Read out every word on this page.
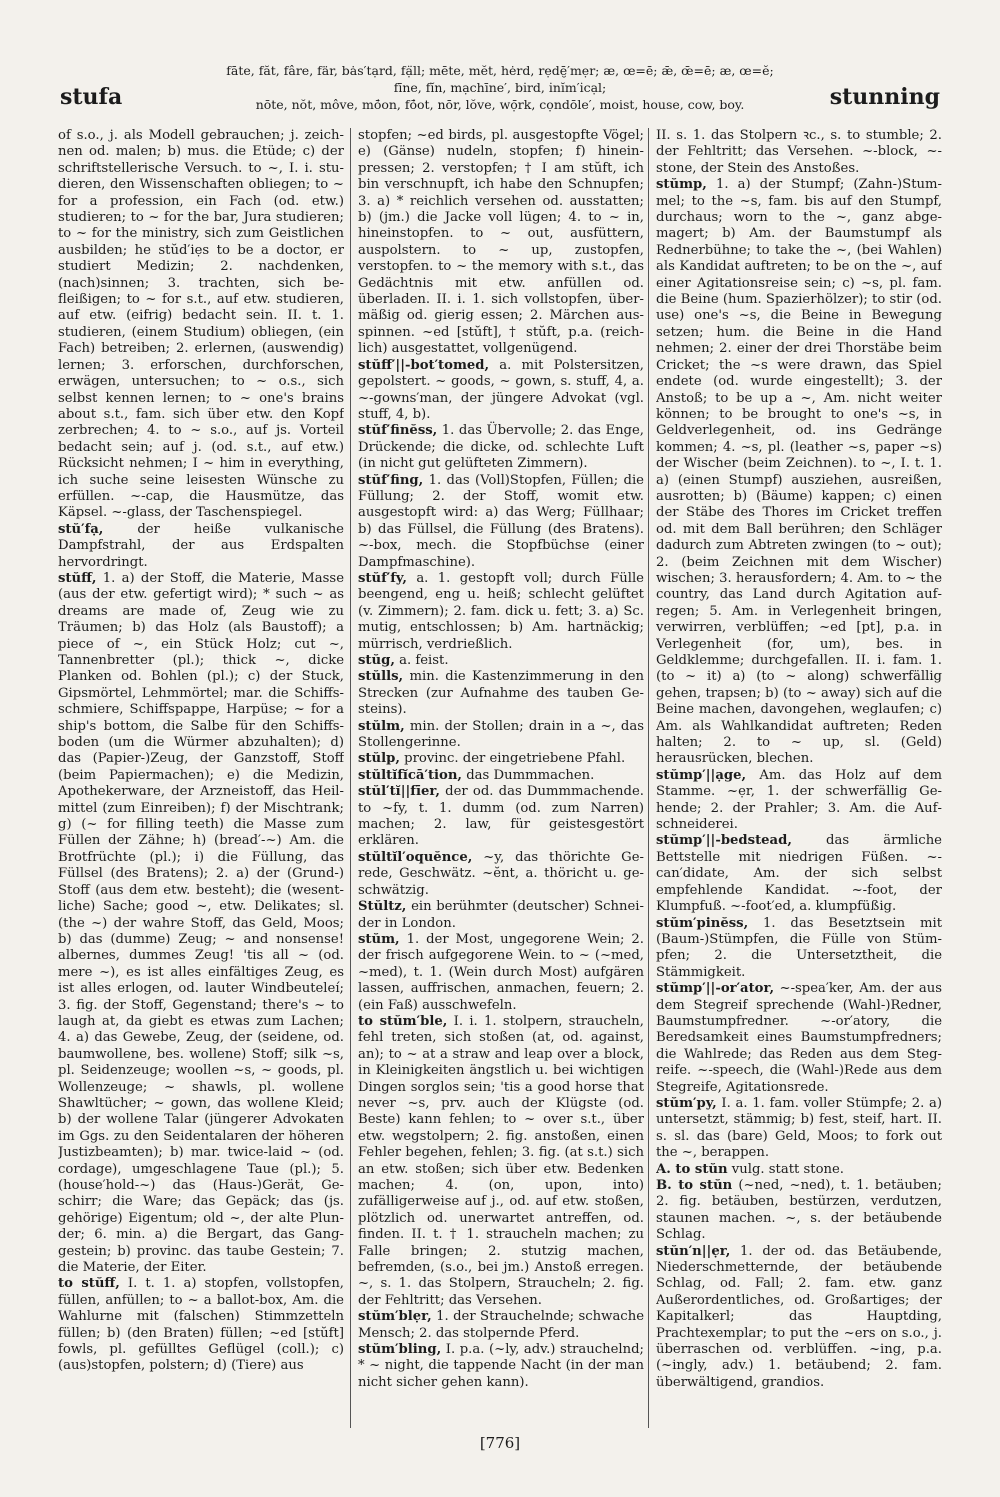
stufa
fāte, făt, fâre, fär, bȧs′tạrd, fạ̈ll; mēte, mĕt, hėrd, rẹdē̮′mẹr; æ, œ=ē; ǣ, œ̄=ē; æ, œ=ĕ;
fīne, fĭn, mạchīne′, bi̇rd, i̇nĭm′i̇cạl;
nōte, nŏt, môve, mō̍on, fō̍ot, nōr, lŏve, wọ̄rk, cọndōle′, moist, house, cow, boy.	stunning
of s.o., j. als Modell gebrauchen; j. zeichnen od. malen; b) mus. die Etüde; c) der schriftstellerische Versuch. to ~, I. i. studieren, den Wissenschaften obliegen; to ~ for a profession, ein Fach (od. etw.) studieren; to ~ for the bar, Jura studieren; to ~ for the ministry, sich zum Geistlichen ausbilden; he stŭd′iẹs to be a doctor, er studiert Medizin; 2. nachdenken, (nach)sinnen; 3. trachten, sich befleißigen; to ~ for s.t., auf etw. studieren, auf etw. (eifrig) bedacht sein. II. t. 1. studieren, (einem Studium) obliegen, (ein Fach) betreiben; 2. erlernen, (auswendig) lernen; 3. erforschen, durchforschen, erwägen, untersuchen; to ~ o.s., sich selbst kennen lernen; to ~ one's brains about s.t., fam. sich über etw. den Kopf zerbrechen; 4. to ~ s.o., auf js. Vorteil bedacht sein; auf j. (od. s.t., auf etw.) Rücksicht nehmen; I ~ him in everything, ich suche seine leisesten Wünsche zu erfüllen. ~-cap, die Hausmütze, das Käpsel. ~-glass, der Taschenspiegel.
stŭ′fạ,	der heiße vulkanische Dampfstrahl, der aus Erdspalten hervordringt.
stŭff, 1. a) der Stoff, die Materie, Masse (aus der etw. gefertigt wird); * such ~ as dreams are made of, Zeug wie zu Träumen; b) das Holz (als Baustoff); a piece of ~, ein Stück Holz; cut ~, Tannenbretter (pl.); thick ~, dicke Planken od. Bohlen (pl.); c) der Stuck, Gipsmörtel, Lehmmörtel; mar. die Schiffsschmiere, Schiffspappe, Harpüse; ~ for a ship's bottom, die Salbe für den Schiffsboden (um die Würmer abzuhalten); d) das (Papier-)Zeug, der Ganzstoff, Stoff (beim Papiermachen); e) die Medizin, Apothekerware, der Arzneistoff, das Heilmittel (zum Einreiben); f) der Mischtrank; g) (~ for filling teeth) die Masse zum Füllen der Zähne; h) (bread′-~) Am. die Brotfrüchte (pl.); i) die Füllung, das Füllsel (des Bratens); 2. a) der (Grund-) Stoff (aus dem etw. besteht); die (wesentliche) Sache; good ~, etw. Delikates; sl. (the ~) der wahre Stoff, das Geld, Moos; b) das (dumme) Zeug; ~ and nonsense! albernes, dummes Zeug! 'tis all ~ (od. mere ~), es ist alles einfältiges Zeug, es ist alles erlogen, od. lauter Windbeuteleí; 3. fig. der Stoff, Gegenstand; there's ~ to laugh at, da giebt es etwas zum Lachen; 4. a) das Gewebe, Zeug, der (seidene, od. baumwollene, bes. wollene) Stoff; silk ~s, pl. Seidenzeuge; woollen ~s, ~ goods, pl. Wollenzeuge; ~ shawls, pl. wollene Shawltücher; ~ gown, das wollene Kleid; b) der wollene Talar (jüngerer Advokaten im Ggs. zu den Seidentalaren der höheren Justizbeamten); b) mar. twice-laid ~ (od. cordage), umgeschlagene Taue (pl.); 5. (house′hold-~) das (Haus-)Gerät, Geschirr; die Ware; das Gepäck; das (js. gehörige) Eigentum; old ~, der alte Plunder; 6. min. a) die Bergart, das Ganggestein; b) provinc. das taube Gestein; 7. die Materie, der Eiter.
to stŭff, I. t. 1. a) stopfen, vollstopfen, füllen, anfüllen; to ~ a ballot-box, Am. die Wahlurne mit (falschen) Stimmzetteln füllen; b) (den Braten) füllen; ~ed [stŭft] fowls, pl. gefülltes Geflügel (coll.); c) (aus)stopfen, polstern; d) (Tiere) aus
stopfen; ~ed birds, pl. ausgestopfte Vögel; e) (Gänse) nudeln, stopfen; f) hineinpressen; 2. verstopfen; † I am stŭft, ich bin verschnupft, ich habe den Schnupfen; 3. a) * reichlich versehen od. ausstatten; b) (jm.) die Jacke voll lügen; 4. to ~ in, hineinstopfen. to ~ out, ausfüttern, auspolstern. to ~ up, zustopfen, verstopfen. to ~ the memory with s.t., das Gedächtnis mit etw. anfüllen od. überladen. II. i. 1. sich vollstopfen, übermäßig od. gierig essen; 2. Märchen ausspinnen. ~ed [stŭft], † stŭft, p.a. (reichlich) ausgestattet, vollgenügend.
stŭff′||-bot′tomed, a. mit Polstersitzen, gepolstert. ~ goods, ~ gown, s. stuff, 4, a. ~-gowns′man, der jüngere Advokat (vgl. stuff, 4, b).
stŭf′finĕss, 1. das Übervolle; 2. das Enge, Drückende; die dicke, od. schlechte Luft (in nicht gut gelüfteten Zimmern).
stŭf′fing, 1. das (Voll)Stopfen, Füllen; die Füllung; 2. der Stoff, womit etw. ausgestopft wird: a) das Werg; Füllhaar; b) das Füllsel, die Füllung (des Bratens). ~-box, mech. die Stopfbüchse (einer Dampfmaschine).
stŭf′fy, a. 1. gestopft voll; durch Fülle beengend, eng u. heiß; schlecht gelüftet (v. Zimmern); 2. fam. dick u. fett; 3. a) Sc. mutig, entschlossen; b) Am. hartnäckig; mürrisch, verdrießlich.
stŭg, a. feist.
stŭlls, min. die Kastenzimmerung in den Strecken (zur Aufnahme des tauben Gesteins).
stŭlm, min. der Stollen; drain in a ~, das Stollengerinne.
stŭlp, provinc. der eingetriebene Pfahl.
stŭltĭfĭcā′tion, das Dummmachen.
stŭl′tĭ||fīer, der od. das Dummmachende. to ~fy, t. 1. dumm (od. zum Narren) machen; 2. law, für geistesgestört erklären.
stŭltĭl′oquĕnce, ~y, das thörichte Gerede, Geschwätz. ~ĕnt, a. thöricht u. geschwätzig.
Stŭltz, ein berühmter (deutscher) Schneider in London.
stŭm, 1. der Most, ungegorene Wein; 2. der frisch aufgegorene Wein. to ~ (~med, ~med), t. 1. (Wein durch Most) aufgären lassen, auffrischen, anmachen, feuern; 2. (ein Faß) ausschwefeln.
to stŭm′ble, I. i. 1. stolpern, straucheln, fehl treten, sich stoßen (at, od. against, an); to ~ at a straw and leap over a block, in Kleinigkeiten ängstlich u. bei wichtigen Dingen sorglos sein; 'tis a good horse that never ~s, prv. auch der Klügste (od. Beste) kann fehlen; to ~ over s.t., über etw. wegstolpern; 2. fig. anstoßen, einen Fehler begehen, fehlen; 3. fig. (at s.t.) sich an etw. stoßen; sich über etw. Bedenken machen; 4. (on, upon, into) zufälligerweise auf j., od. auf etw. stoßen, plötzlich od. unerwartet antreffen, od. finden. II. t. † 1. straucheln machen; zu Falle bringen; 2. stutzig machen, befremden, (s.o., bei jm.) Anstoß erregen. ~, s. 1. das Stolpern, Straucheln; 2. fig. der Fehltritt; das Versehen.
stŭm′blẹr, 1. der Strauchelnde; schwache Mensch; 2. das stolpernde Pferd.
stŭm′bling, I. p.a. (~ly, adv.) strauchelnd; * ~ night, die tappende Nacht (in der man nicht sicher gehen kann).
II. s. 1. das Stolpern ꝛc., s. to stumble; 2. der Fehltritt; das Versehen. ~-block, ~-stone, der Stein des Anstoßes.
stŭmp, 1. a) der Stumpf; (Zahn-)Stummel; to the ~s, fam. bis auf den Stumpf, durchaus; worn to the ~, ganz abgemagert; b) Am. der Baumstumpf als Rednerbühne; to take the ~, (bei Wahlen) als Kandidat auftreten; to be on the ~, auf einer Agitationsreise sein; c) ~s, pl. fam. die Beine (hum. Spazierhölzer); to stir (od. use) one's ~s, die Beine in Bewegung setzen; hum. die Beine in die Hand nehmen; 2. einer der drei Thorstäbe beim Cricket; the ~s were drawn, das Spiel endete (od. wurde eingestellt); 3. der Anstoß; to be up a ~, Am. nicht weiter können; to be brought to one's ~s, in Geldverlegenheit, od. ins Gedränge kommen; 4. ~s, pl. (leather ~s, paper ~s) der Wischer (beim Zeichnen). to ~, I. t. 1. a) (einen Stumpf) ausziehen, ausreißen, ausrotten; b) (Bäume) kappen; c) einen der Stäbe des Thores im Cricket treffen od. mit dem Ball berühren; den Schläger dadurch zum Abtreten zwingen (to ~ out); 2. (beim Zeichnen mit dem Wischer) wischen; 3. herausfordern; 4. Am. to ~ the country, das Land durch Agitation aufregen; 5. Am. in Verlegenheit bringen, verwirren, verblüffen; ~ed [pt], p.a. in Verlegenheit (for, um), bes. in Geldklemme; durchgefallen. II. i. fam. 1. (to ~ it) a) (to ~ along) schwerfällig gehen, trapsen; b) (to ~ away) sich auf die Beine machen, davongehen, weglaufen; c) Am. als Wahlkandidat auftreten; Reden halten; 2. to ~ up, sl. (Geld) herausrücken, blechen.
stŭmp′||ạge, Am. das Holz auf dem Stamme. ~ẹr, 1. der schwerfällig Gehende; 2. der Prahler; 3. Am. die Aufschneiderei.
stŭmp′||-bedstead,	das ärmliche Bettstelle mit niedrigen Füßen. ~-can′didate, Am. der sich selbst empfehlende Kandidat. ~-foot, der Klumpfuß. ~-foot′ed, a. klumpfüßig.
stŭm′pinĕss, 1. das Besetztsein mit (Baum-)Stümpfen, die Fülle von Stümpfen; 2. die Untersetztheit, die Stämmigkeit.
stŭmp′||-or′ator, ~-spea′ker, Am. der aus dem Stegreif sprechende (Wahl-)Redner, Baumstumpfredner. ~-or′atory, die Beredsamkeit eines Baumstumpfredners; die Wahlrede; das Reden aus dem Stegreife. ~-speech, die (Wahl-)Rede aus dem Stegreife, Agitationsrede.
stŭm′py, I. a. 1. fam. voller Stümpfe; 2. a) untersetzt, stämmig; b) fest, steif, hart. II. s. sl. das (bare) Geld, Moos; to fork out the ~, berappen.
A. to stŭn vulg. statt stone.
B. to stŭn (~ned, ~ned), t. 1. betäuben; 2. fig. betäuben, bestürzen, verdutzen, staunen machen. ~, s. der betäubende Schlag.
stŭn′n||ẹr, 1. der od. das Betäubende, Niederschmetternde, der betäubende Schlag, od. Fall; 2. fam. etw. ganz Außerordentliches, od. Großartiges; der Kapitalkerl; das Hauptding, Prachtexemplar; to put the ~ers on s.o., j. überraschen od. verblüffen. ~ing, p.a. (~ingly, adv.) 1. betäubend; 2. fam. überwältigend, grandios.
[776]
